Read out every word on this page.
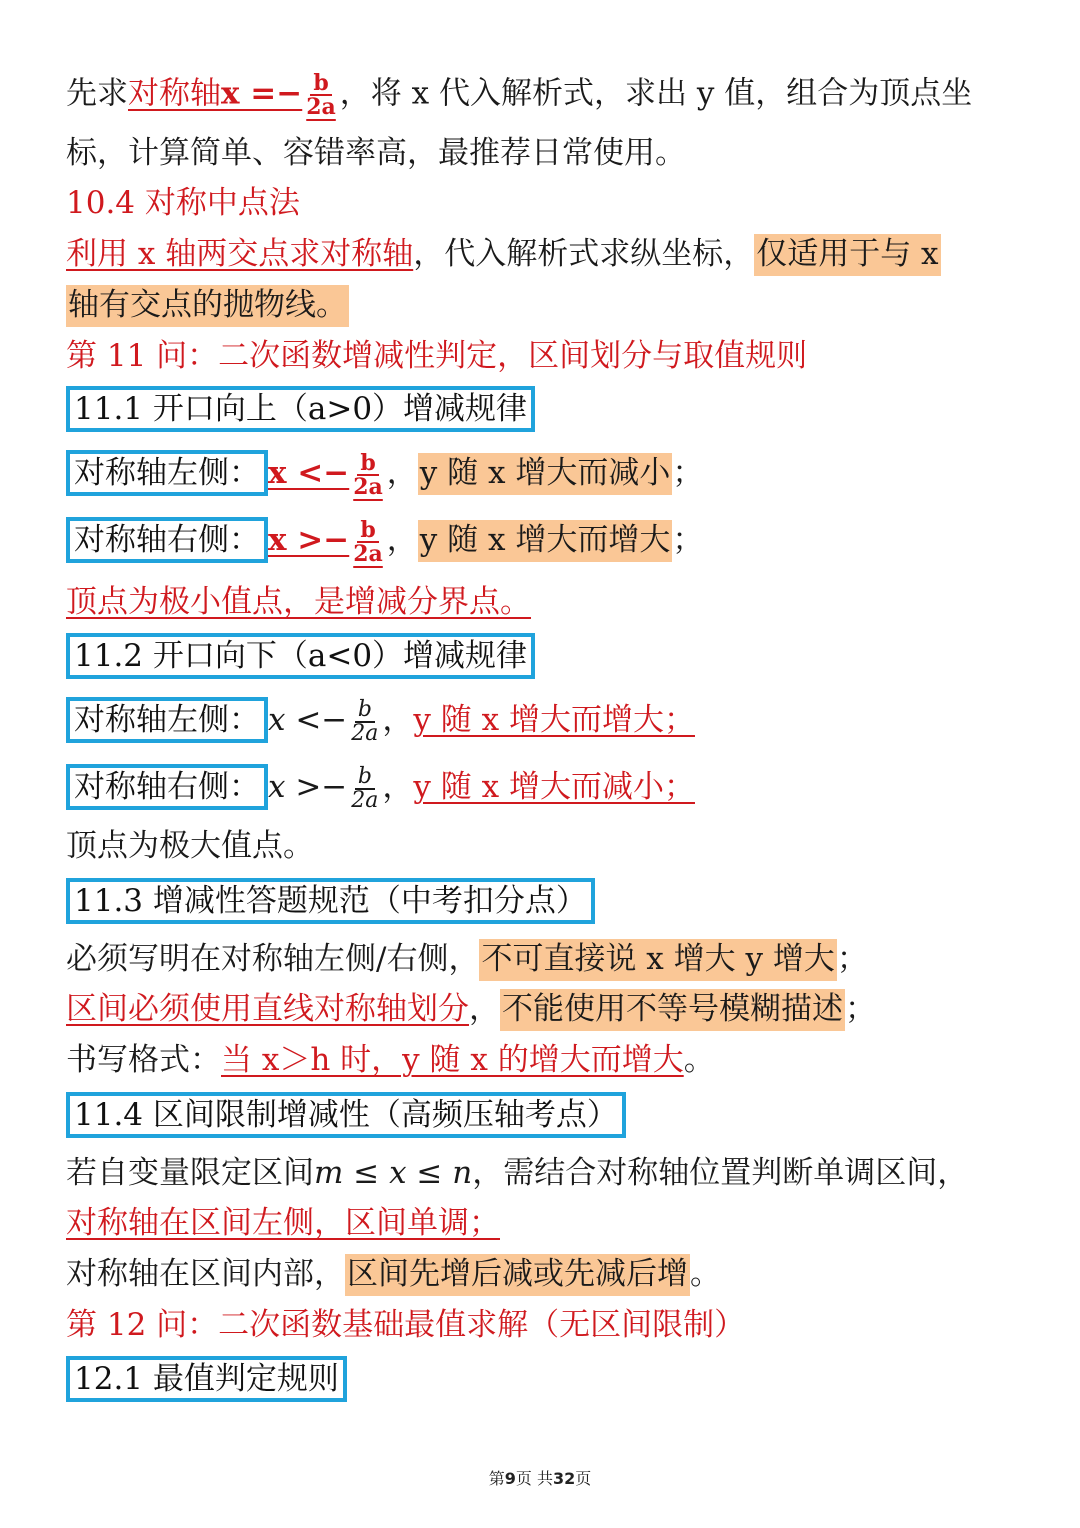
先求对称轴$x =- \frac{b}{2a}$ ，将 x 代入解析式，求出 y 值，组合为顶点坐
标，计算简单、容错率高，最推荐日常使用。
10.4 对称中点法
利用 x 轴两交点求对称轴，代入解析式求纵坐标，仅适用于与 x
轴有交点的抛物线。
第 11 问：二次函数增减性判定，区间划分与取值规则
11.1 开口向上（a>0）增减规律
对称轴左侧： $x <- \frac{b}{2a}$ ，y 随 x 增大而减小；
对称轴右侧： $x >- \frac{b}{2a}$ ，y 随 x 增大而增大；
顶点为极小值点，是增减分界点。
11.2 开口向下（a<0）增减规律
对称轴左侧： $x <- \frac{b}{2a}$ ，y 随 x 增大而增大；
对称轴右侧： $x >- \frac{b}{2a}$ ，y 随 x 增大而减小；
顶点为极大值点。
11.3 增减性答题规范（中考扣分点）
必须写明在对称轴左侧/右侧，不可直接说 x 增大 y 增大；
区间必须使用直线对称轴划分，不能使用不等号模糊描述；
书写格式：当 x＞h 时，y 随 x 的增大而增大。
11.4 区间限制增减性（高频压轴考点）
若自变量限定区间m ≤ x ≤ n，需结合对称轴位置判断单调区间，
对称轴在区间左侧，区间单调；
对称轴在区间内部，区间先增后减或先减后增。
第 12 问：二次函数基础最值求解（无区间限制）
12.1 最值判定规则
第9页 共32页
